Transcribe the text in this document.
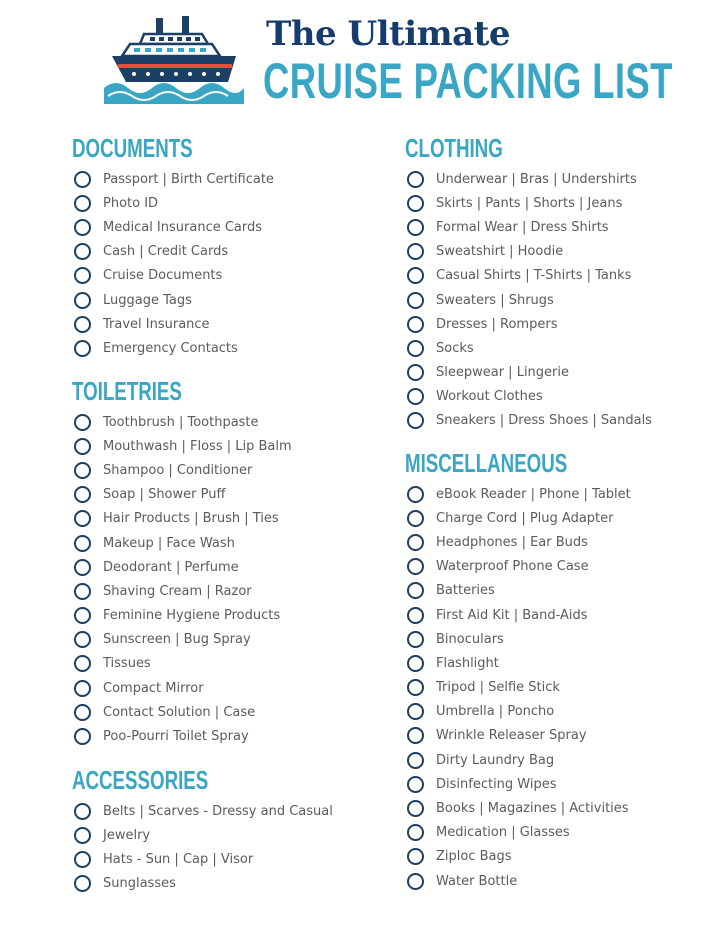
The Ultimate
CRUISE PACKING LIST
DOCUMENTS
Passport | Birth Certificate
Photo ID
Medical Insurance Cards
Cash | Credit Cards
Cruise Documents
Luggage Tags
Travel Insurance
Emergency Contacts
TOILETRIES
Toothbrush | Toothpaste
Mouthwash | Floss | Lip Balm
Shampoo | Conditioner
Soap | Shower Puff
Hair Products | Brush | Ties
Makeup | Face Wash
Deodorant | Perfume
Shaving Cream | Razor
Feminine Hygiene Products
Sunscreen | Bug Spray
Tissues
Compact Mirror
Contact Solution | Case
Poo-Pourri Toilet Spray
ACCESSORIES
Belts | Scarves - Dressy and Casual
Jewelry
Hats - Sun | Cap | Visor
Sunglasses
CLOTHING
Underwear | Bras | Undershirts
Skirts | Pants | Shorts | Jeans
Formal Wear | Dress Shirts
Sweatshirt | Hoodie
Casual Shirts | T-Shirts | Tanks
Sweaters | Shrugs
Dresses | Rompers
Socks
Sleepwear | Lingerie
Workout Clothes
Sneakers | Dress Shoes | Sandals
MISCELLANEOUS
eBook Reader | Phone | Tablet
Charge Cord | Plug Adapter
Headphones | Ear Buds
Waterproof Phone Case
Batteries
First Aid Kit | Band-Aids
Binoculars
Flashlight
Tripod | Selfie Stick
Umbrella | Poncho
Wrinkle Releaser Spray
Dirty Laundry Bag
Disinfecting Wipes
Books | Magazines | Activities
Medication | Glasses
Ziploc Bags
Water Bottle
